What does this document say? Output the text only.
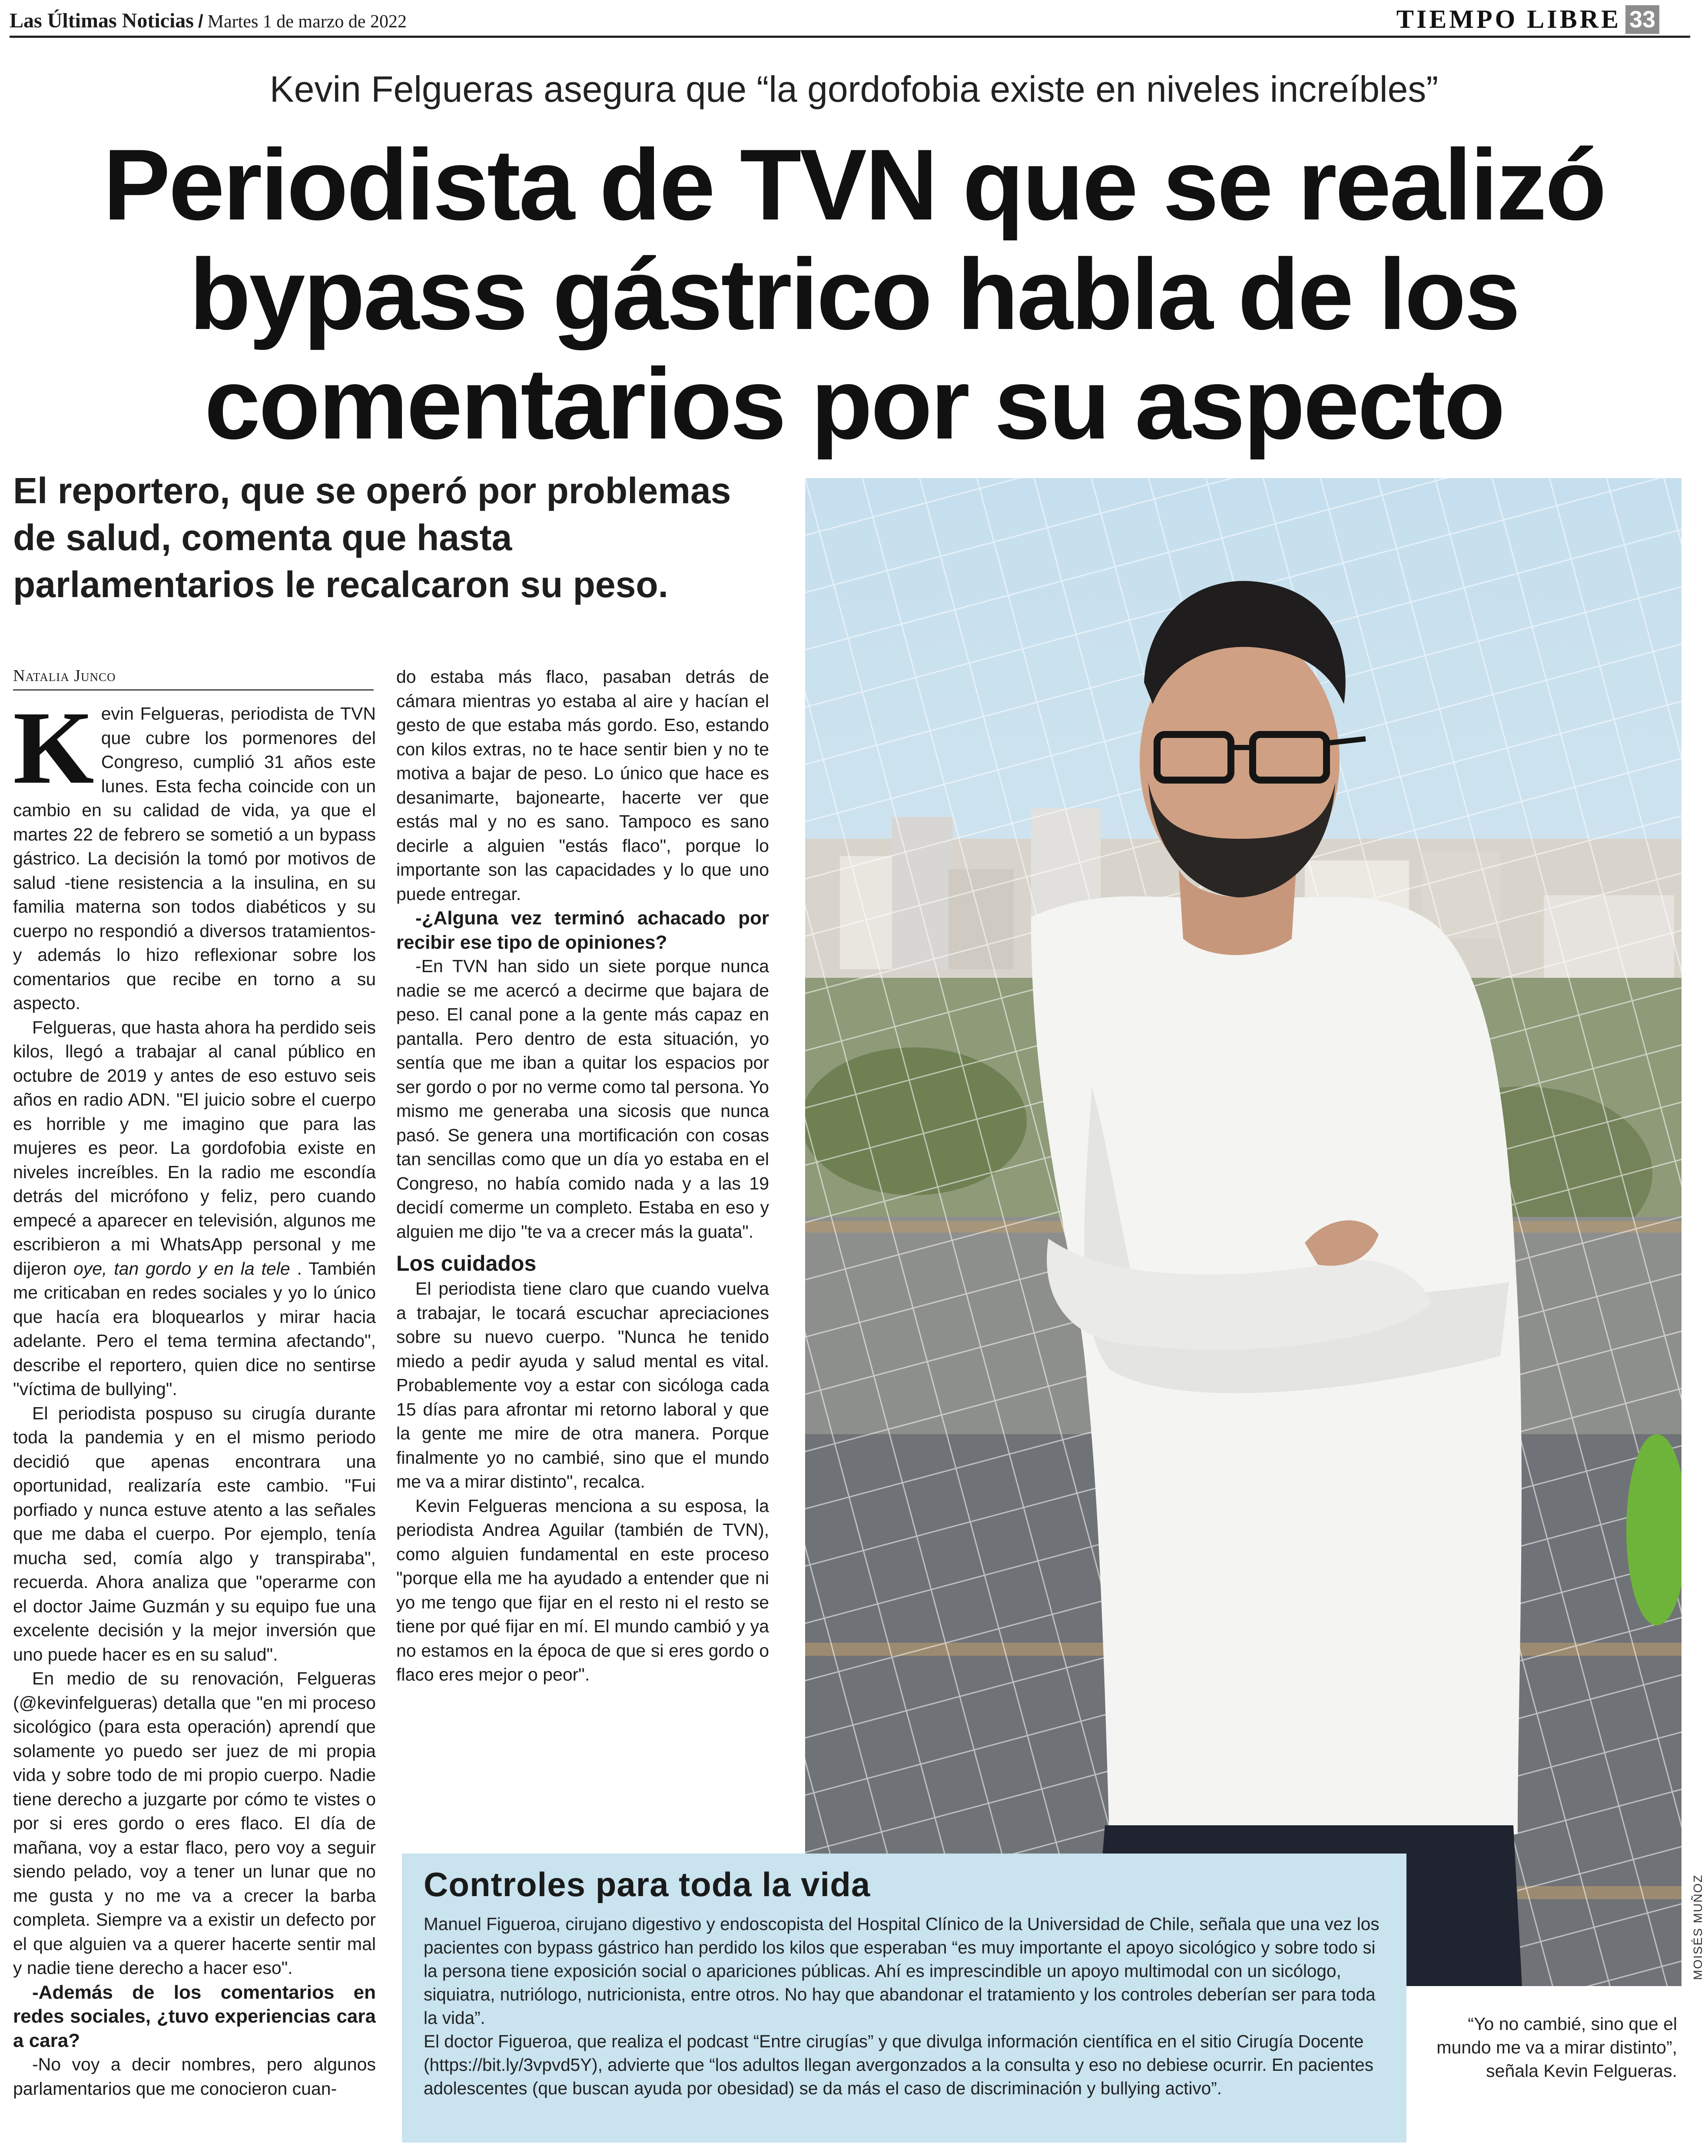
Las Últimas Noticias / Martes 1 de marzo de 2022	TIEMPO LIBRE 33
Kevin Felgueras asegura que “la gordofobia existe en niveles increíbles”
Periodista de TVN que se realizó
bypass gástrico habla de los
comentarios por su aspecto
El reportero, que se operó por problemas de salud, comenta que hasta parlamentarios le recalcaron su peso.
Natalia Junco

Kevin Felgueras, periodista de TVN que cubre los pormenores del Congreso, cumplió 31 años este lunes. Esta fecha coincide con un cambio en su calidad de vida, ya que el martes 22 de febrero se sometió a un bypass gástrico. La decisión la tomó por motivos de salud -tiene resistencia a la insulina, en su familia materna son todos diabéticos y su cuerpo no respondió a diversos tratamientos- y además lo hizo reflexionar sobre los comentarios que recibe en torno a su aspecto.

Felgueras, que hasta ahora ha perdido seis kilos, llegó a trabajar al canal público en octubre de 2019 y antes de eso estuvo seis años en radio ADN. "El juicio sobre el cuerpo es horrible y me imagino que para las mujeres es peor. La gordofobia existe en niveles increíbles. En la radio me escondía detrás del micrófono y feliz, pero cuando empecé a aparecer en televisión, algunos me escribieron a mi WhatsApp personal y me dijeron oye, tan gordo y en la tele . También me criticaban en redes sociales y yo lo único que hacía era bloquearlos y mirar hacia adelante. Pero el tema termina afectando", describe el reportero, quien dice no sentirse "víctima de bullying".

El periodista pospuso su cirugía durante toda la pandemia y en el mismo periodo decidió que apenas encontrara una oportunidad, realizaría este cambio. "Fui porfiado y nunca estuve atento a las señales que me daba el cuerpo. Por ejemplo, tenía mucha sed, comía algo y transpiraba", recuerda. Ahora analiza que "operarme con el doctor Jaime Guzmán y su equipo fue una excelente decisión y la mejor inversión que uno puede hacer es en su salud".

En medio de su renovación, Felgueras (@kevinfelgueras) detalla que "en mi proceso sicológico (para esta operación) aprendí que solamente yo puedo ser juez de mi propia vida y sobre todo de mi propio cuerpo. Nadie tiene derecho a juzgarte por cómo te vistes o por si eres gordo o eres flaco. El día de mañana, voy a estar flaco, pero voy a seguir siendo pelado, voy a tener un lunar que no me gusta y no me va a crecer la barba completa. Siempre va a existir un defecto por el que alguien va a querer hacerte sentir mal y nadie tiene derecho a hacer eso".

-Además de los comentarios en redes sociales, ¿tuvo experiencias cara a cara?

-No voy a decir nombres, pero algunos parlamentarios que me conocieron cuan-

do estaba más flaco, pasaban detrás de cámara mientras yo estaba al aire y hacían el gesto de que estaba más gordo. Eso, estando con kilos extras, no te hace sentir bien y no te motiva a bajar de peso. Lo único que hace es desanimarte, bajonearte, hacerte ver que estás mal y no es sano. Tampoco es sano decirle a alguien "estás flaco", porque lo importante son las capacidades y lo que uno puede entregar.

-¿Alguna vez terminó achacado por recibir ese tipo de opiniones?

-En TVN han sido un siete porque nunca nadie se me acercó a decirme que bajara de peso. El canal pone a la gente más capaz en pantalla. Pero dentro de esta situación, yo sentía que me iban a quitar los espacios por ser gordo o por no verme como tal persona. Yo mismo me generaba una sicosis que nunca pasó. Se genera una mortificación con cosas tan sencillas como que un día yo estaba en el Congreso, no había comido nada y a las 19 decidí comerme un completo. Estaba en eso y alguien me dijo "te va a crecer más la guata".

Los cuidados

El periodista tiene claro que cuando vuelva a trabajar, le tocará escuchar apreciaciones sobre su nuevo cuerpo. "Nunca he tenido miedo a pedir ayuda y salud mental es vital. Probablemente voy a estar con sicóloga cada 15 días para afrontar mi retorno laboral y que la gente me mire de otra manera. Porque finalmente yo no cambié, sino que el mundo me va a mirar distinto", recalca.

Kevin Felgueras menciona a su esposa, la periodista Andrea Aguilar (también de TVN), como alguien fundamental en este proceso "porque ella me ha ayudado a entender que ni yo me tengo que fijar en el resto ni el resto se tiene por qué fijar en mí. El mundo cambió y ya no estamos en la época de que si eres gordo o flaco eres mejor o peor".

MOISÉS MUÑOZ
Controles para toda la vida

Manuel Figueroa, cirujano digestivo y endoscopista del Hospital Clínico de la Universidad de Chile, señala que una vez los pacientes con bypass gástrico han perdido los kilos que esperaban “es muy importante el apoyo sicológico y sobre todo si la persona tiene exposición social o apariciones públicas. Ahí es imprescindible un apoyo multimodal con un sicólogo, siquiatra, nutriólogo, nutricionista, entre otros. No hay que abandonar el tratamiento y los controles deberían ser para toda la vida”.

El doctor Figueroa, que realiza el podcast “Entre cirugías” y que divulga información científica en el sitio Cirugía Docente (https://bit.ly/3vpvd5Y), advierte que “los adultos llegan avergonzados a la consulta y eso no debiese ocurrir. En pacientes adolescentes (que buscan ayuda por obesidad) se da más el caso de discriminación y bullying activo”.

“Yo no cambié, sino que el mundo me va a mirar distinto”, señala Kevin Felgueras.
